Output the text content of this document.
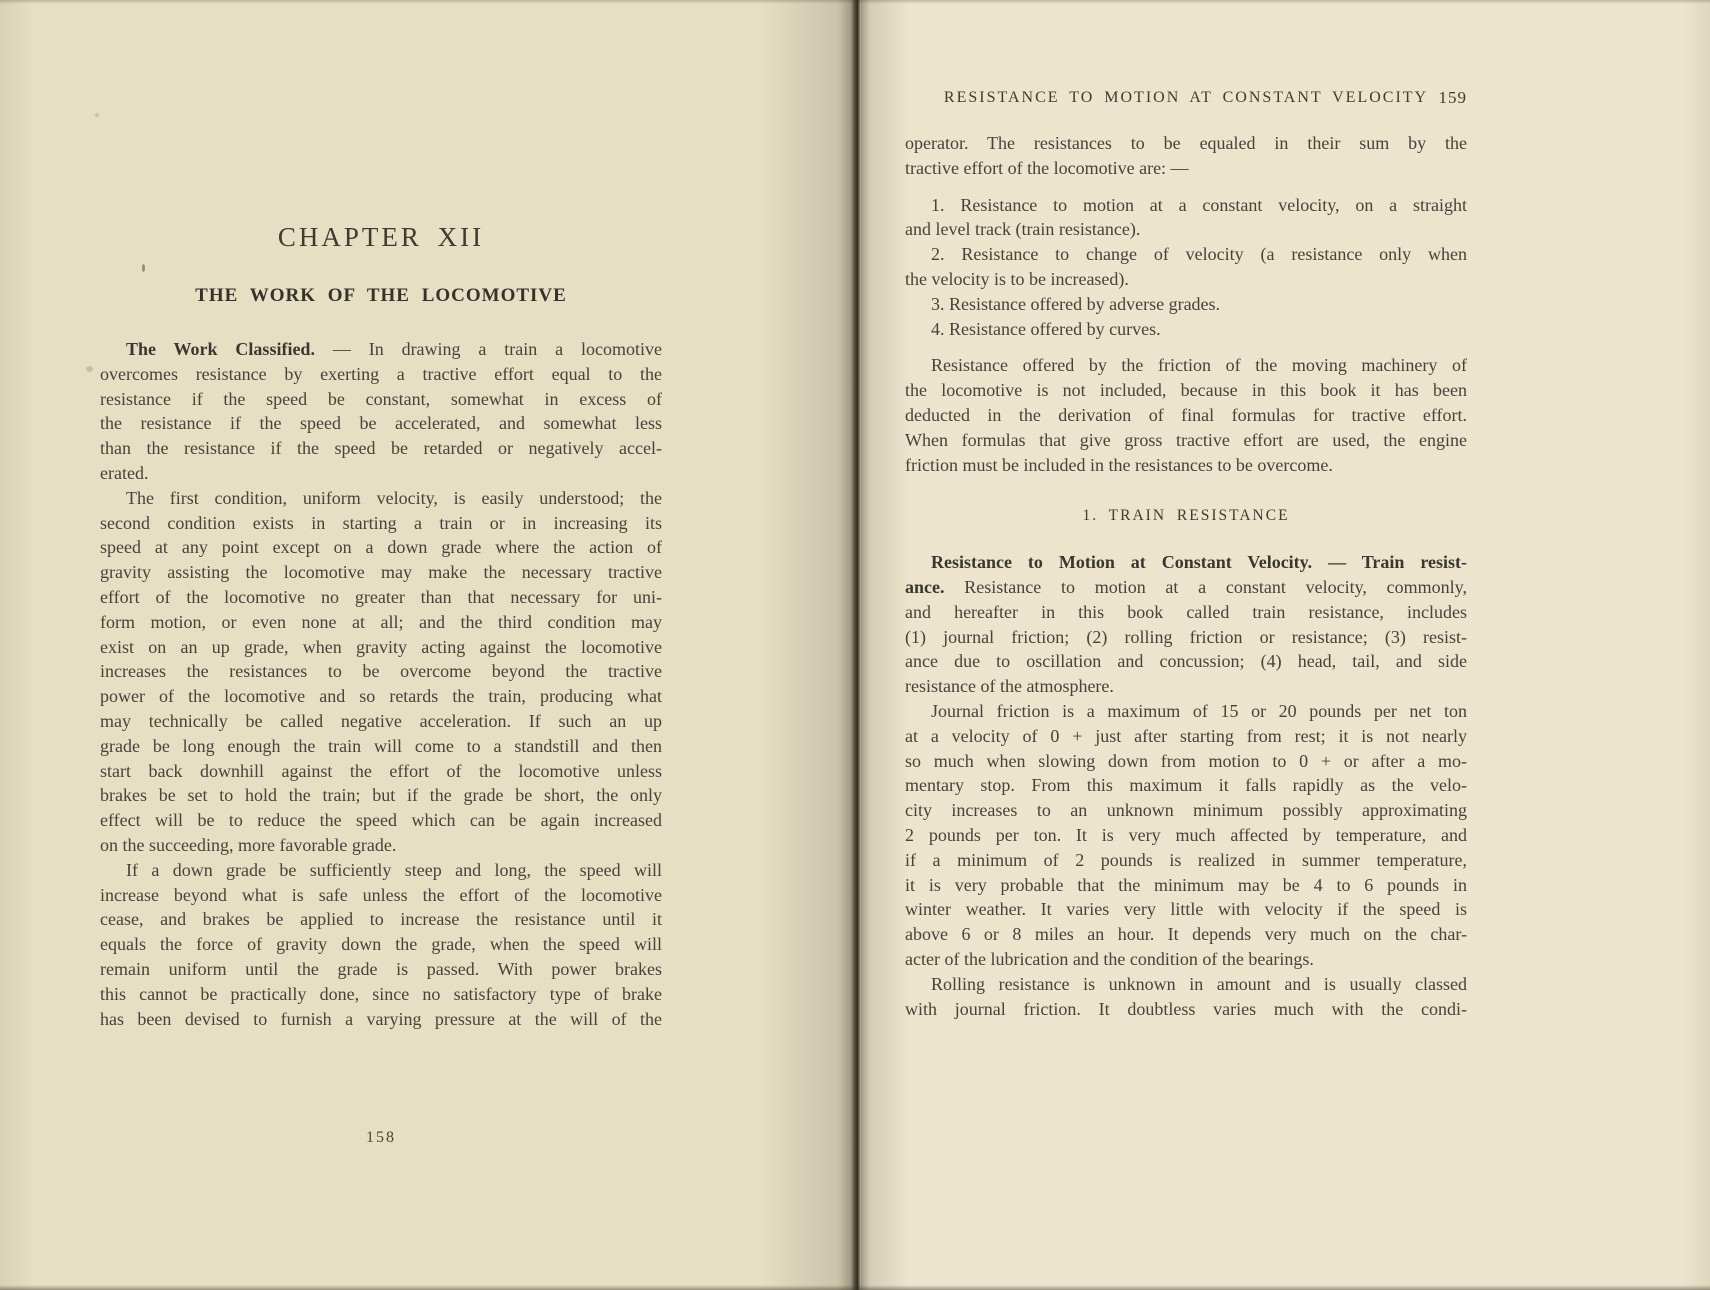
CHAPTER XII
THE WORK OF THE LOCOMOTIVE
The Work Classified. — In drawing a train a locomotive
overcomes resistance by exerting a tractive effort equal to the
resistance if the speed be constant, somewhat in excess of
the resistance if the speed be accelerated, and somewhat less
than the resistance if the speed be retarded or negatively accel-
erated.
The first condition, uniform velocity, is easily understood; the
second condition exists in starting a train or in increasing its
speed at any point except on a down grade where the action of
gravity assisting the locomotive may make the necessary tractive
effort of the locomotive no greater than that necessary for uni-
form motion, or even none at all; and the third condition may
exist on an up grade, when gravity acting against the locomotive
increases the resistances to be overcome beyond the tractive
power of the locomotive and so retards the train, producing what
may technically be called negative acceleration. If such an up
grade be long enough the train will come to a standstill and then
start back downhill against the effort of the locomotive unless
brakes be set to hold the train; but if the grade be short, the only
effect will be to reduce the speed which can be again increased
on the succeeding, more favorable grade.
If a down grade be sufficiently steep and long, the speed will
increase beyond what is safe unless the effort of the locomotive
cease, and brakes be applied to increase the resistance until it
equals the force of gravity down the grade, when the speed will
remain uniform until the grade is passed. With power brakes
this cannot be practically done, since no satisfactory type of brake
has been devised to furnish a varying pressure at the will of the
158
RESISTANCE TO MOTION AT CONSTANT VELOCITY 159
operator. The resistances to be equaled in their sum by the
tractive effort of the locomotive are: —
1. Resistance to motion at a constant velocity, on a straight
and level track (train resistance).
2. Resistance to change of velocity (a resistance only when
the velocity is to be increased).
3. Resistance offered by adverse grades.
4. Resistance offered by curves.
Resistance offered by the friction of the moving machinery of
the locomotive is not included, because in this book it has been
deducted in the derivation of final formulas for tractive effort.
When formulas that give gross tractive effort are used, the engine
friction must be included in the resistances to be overcome.
1. TRAIN RESISTANCE
Resistance to Motion at Constant Velocity. — Train resist-
ance. Resistance to motion at a constant velocity, commonly,
and hereafter in this book called train resistance, includes
(1) journal friction; (2) rolling friction or resistance; (3) resist-
ance due to oscillation and concussion; (4) head, tail, and side
resistance of the atmosphere.
Journal friction is a maximum of 15 or 20 pounds per net ton
at a velocity of 0 + just after starting from rest; it is not nearly
so much when slowing down from motion to 0 + or after a mo-
mentary stop. From this maximum it falls rapidly as the velo-
city increases to an unknown minimum possibly approximating
2 pounds per ton. It is very much affected by temperature, and
if a minimum of 2 pounds is realized in summer temperature,
it is very probable that the minimum may be 4 to 6 pounds in
winter weather. It varies very little with velocity if the speed is
above 6 or 8 miles an hour. It depends very much on the char-
acter of the lubrication and the condition of the bearings.
Rolling resistance is unknown in amount and is usually classed
with journal friction. It doubtless varies much with the condi-
